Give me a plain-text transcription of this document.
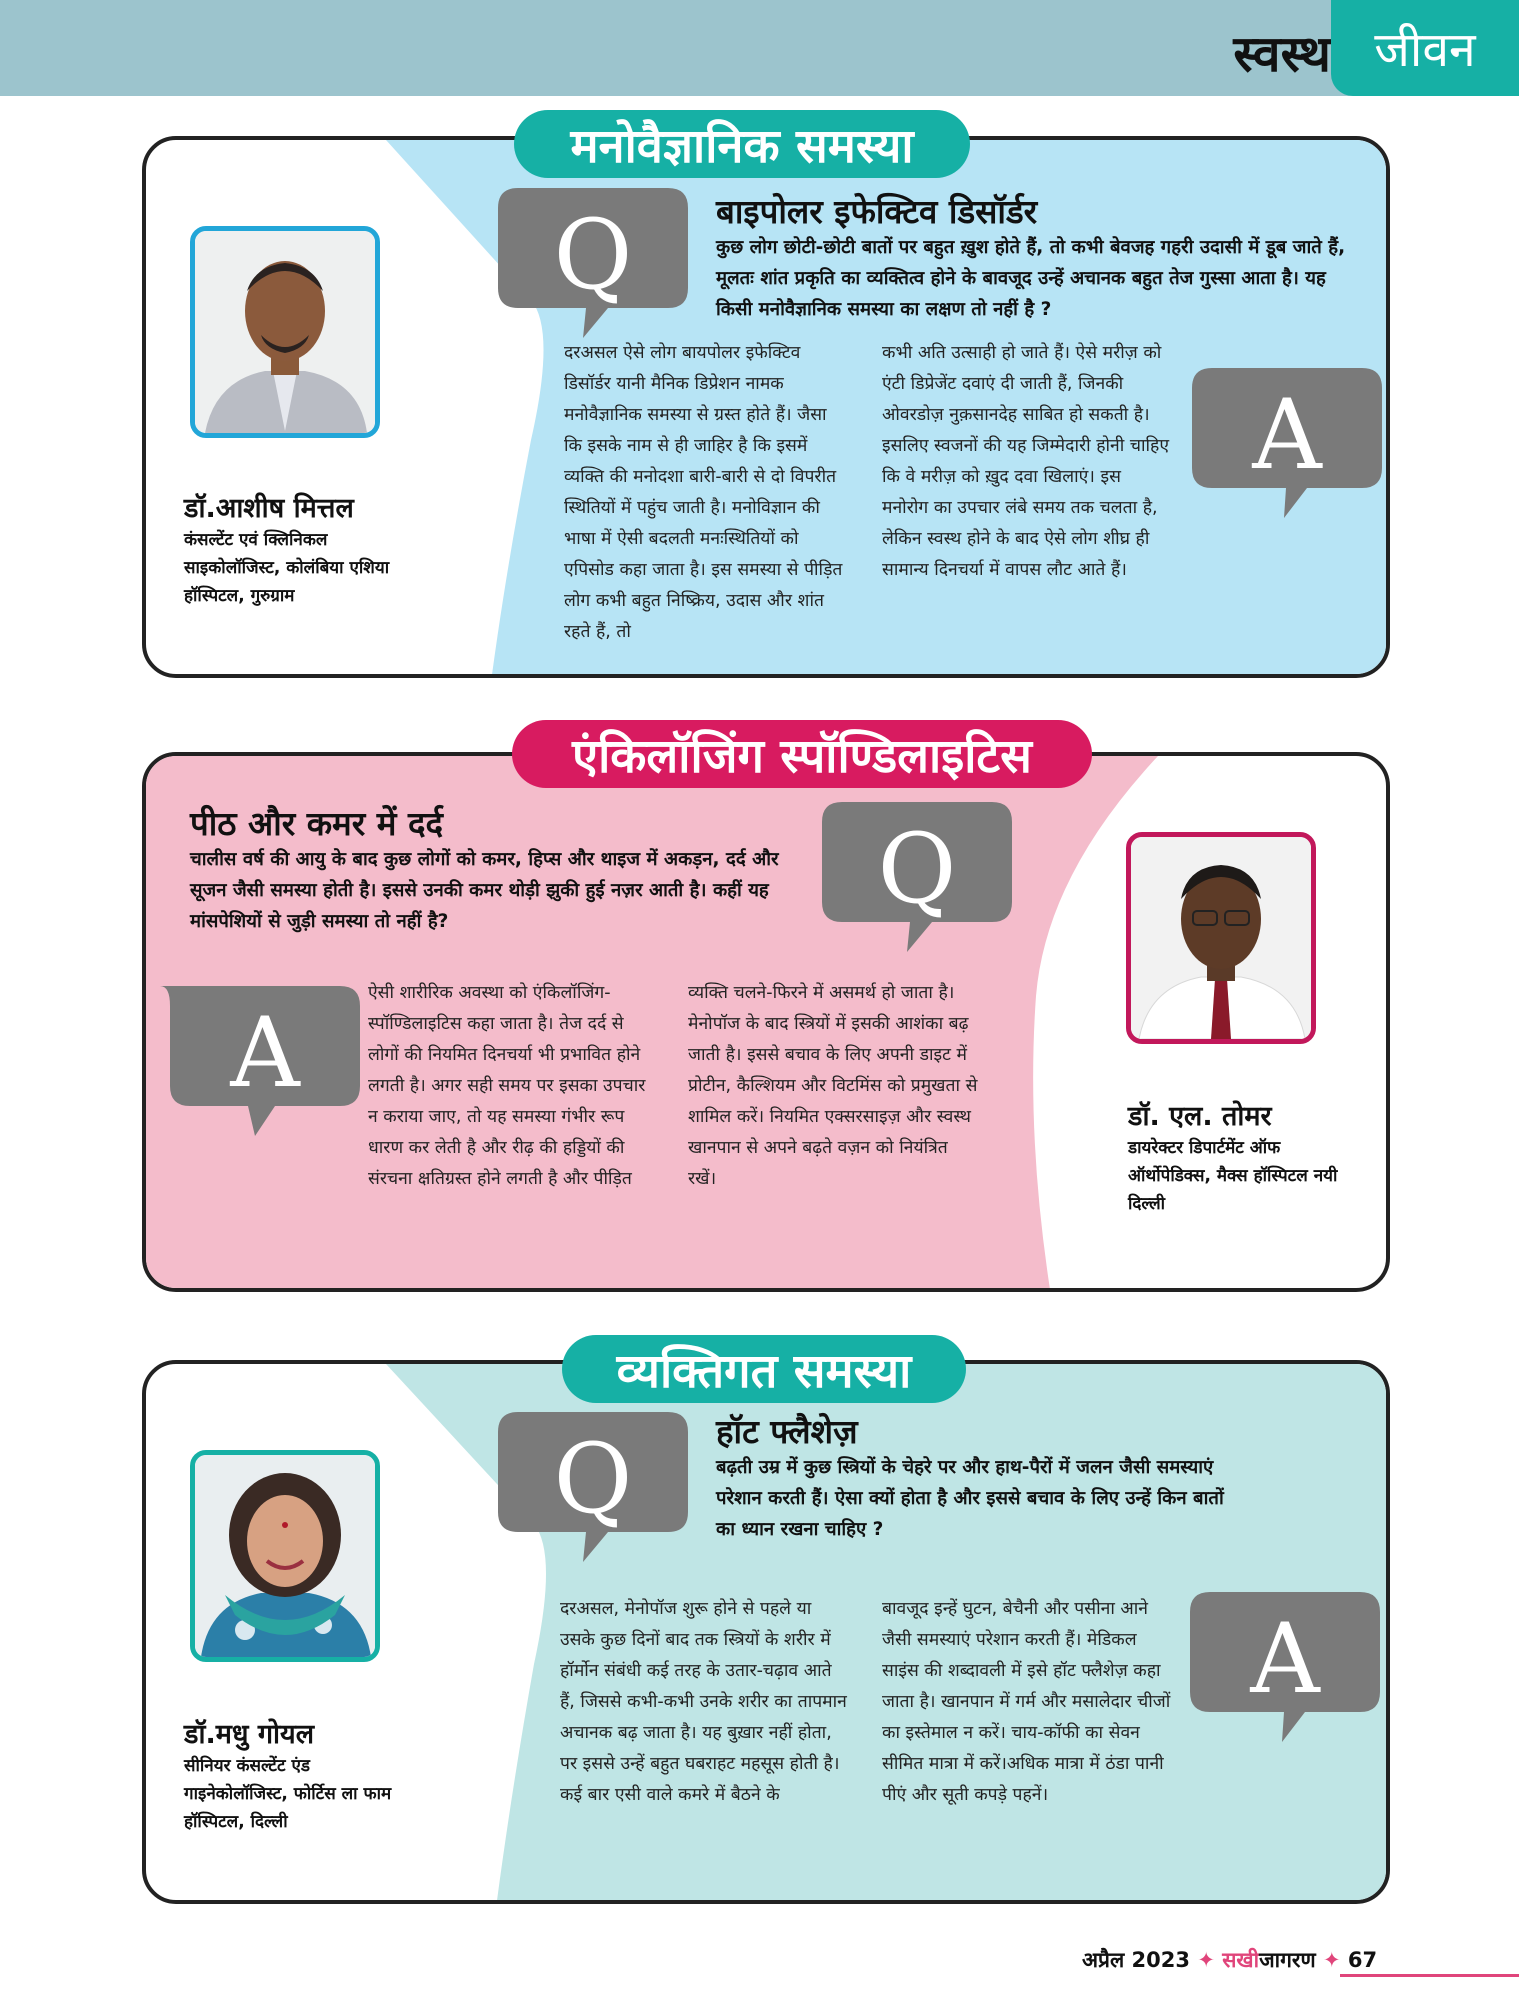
स्वस्थ जीवन
डॉ.आशीष मित्तल
कंसल्टेंट एवं क्लिनिकल साइकोलॉजिस्ट, कोलंबिया एशिया हॉस्पिटल, गुरुग्राम
Q	बाइपोलर इफेक्टिव डिसॉर्डर
कुछ लोग छोटी-छोटी बातों पर बहुत ख़ुश होते हैं, तो कभी बेवजह गहरी उदासी में डूब जाते हैं, मूलतः शांत प्रकृति का व्यक्तित्व होने के बावजूद उन्हें अचानक बहुत तेज गुस्सा आता है। यह किसी मनोवैज्ञानिक समस्या का लक्षण तो नहीं है ?
दरअसल ऐसे लोग बायपोलर इफेक्टिव डिसॉर्डर यानी मैनिक डिप्रेशन नामक मनोवैज्ञानिक समस्या से ग्रस्त होते हैं। जैसा कि इसके नाम से ही जाहिर है कि इसमें व्यक्ति की मनोदशा बारी-बारी से दो विपरीत स्थितियों में पहुंच जाती है। मनोविज्ञान की भाषा में ऐसी बदलती मनःस्थितियों को एपिसोड कहा जाता है। इस समस्या से पीड़ित लोग कभी बहुत निष्क्रिय, उदास और शांत रहते हैं, तो
कभी अति उत्साही हो जाते हैं। ऐसे मरीज़ को एंटी डिप्रेजेंट दवाएं दी जाती हैं, जिनकी ओवरडोज़ नुक़सानदेह साबित हो सकती है। इसलिए स्वजनों की यह जिम्मेदारी होनी चाहिए कि वे मरीज़ को ख़ुद दवा खिलाएं। इस मनोरोग का उपचार लंबे समय तक चलता है, लेकिन स्वस्थ होने के बाद ऐसे लोग शीघ्र ही सामान्य दिनचर्या में वापस लौट आते हैं।
A
मनोवैज्ञानिक समस्या
पीठ और कमर में दर्द
चालीस वर्ष की आयु के बाद कुछ लोगों को कमर, हिप्स और थाइज में अकड़न, दर्द और सूजन जैसी समस्या होती है। इससे उनकी कमर थोड़ी झुकी हुई नज़र आती है। कहीं यह मांसपेशियों से जुड़ी समस्या तो नहीं है?	Q
A
ऐसी शारीरिक अवस्था को एंकिलॉजिंग-स्पॉण्डिलाइटिस कहा जाता है। तेज दर्द से लोगों की नियमित दिनचर्या भी प्रभावित होने लगती है। अगर सही समय पर इसका उपचार न कराया जाए, तो यह समस्या गंभीर रूप धारण कर लेती है और रीढ़ की हड्डियों की संरचना क्षतिग्रस्त होने लगती है और पीड़ित
व्यक्ति चलने-फिरने में असमर्थ हो जाता है। मेनोपॉज के बाद स्त्रियों में इसकी आशंका बढ़ जाती है। इससे बचाव के लिए अपनी डाइट में प्रोटीन, कैल्शियम और विटमिंस को प्रमुखता से शामिल करें। नियमित एक्सरसाइज़ और स्वस्थ खानपान से अपने बढ़ते वज़न को नियंत्रित रखें।
डॉ. एल. तोमर
डायरेक्टर डिपार्टमेंट ऑफ ऑर्थोपेडिक्स, मैक्स हॉस्पिटल नयी दिल्ली
एंकिलॉजिंग स्पॉण्डिलाइटिस
डॉ.मधु गोयल
सीनियर कंसल्टेंट एंड गाइनेकोलॉजिस्ट, फोर्टिस ला फाम हॉस्पिटल, दिल्ली
Q	हॉट फ्लैशेज़
बढ़ती उम्र में कुछ स्त्रियों के चेहरे पर और हाथ-पैरों में जलन जैसी समस्याएं परेशान करती हैं। ऐसा क्यों होता है और इससे बचाव के लिए उन्हें किन बातों का ध्यान रखना चाहिए ?
दरअसल, मेनोपॉज शुरू होने से पहले या उसके कुछ दिनों बाद तक स्त्रियों के शरीर में हॉर्मोन संबंधी कई तरह के उतार-चढ़ाव आते हैं, जिससे कभी-कभी उनके शरीर का तापमान अचानक बढ़ जाता है। यह बुख़ार नहीं होता, पर इससे उन्हें बहुत घबराहट महसूस होती है। कई बार एसी वाले कमरे में बैठने के
बावजूद इन्हें घुटन, बेचैनी और पसीना आने जैसी समस्याएं परेशान करती हैं। मेडिकल साइंस की शब्दावली में इसे हॉट फ्लैशेज़ कहा जाता है। खानपान में गर्म और मसालेदार चीजों का इस्तेमाल न करें। चाय-कॉफी का सेवन सीमित मात्रा में करें।अधिक मात्रा में ठंडा पानी पीएं और सूती कपड़े पहनें।
A
व्यक्तिगत समस्या
अप्रैल 2023 ✦ सखीजागरण ✦ 67
